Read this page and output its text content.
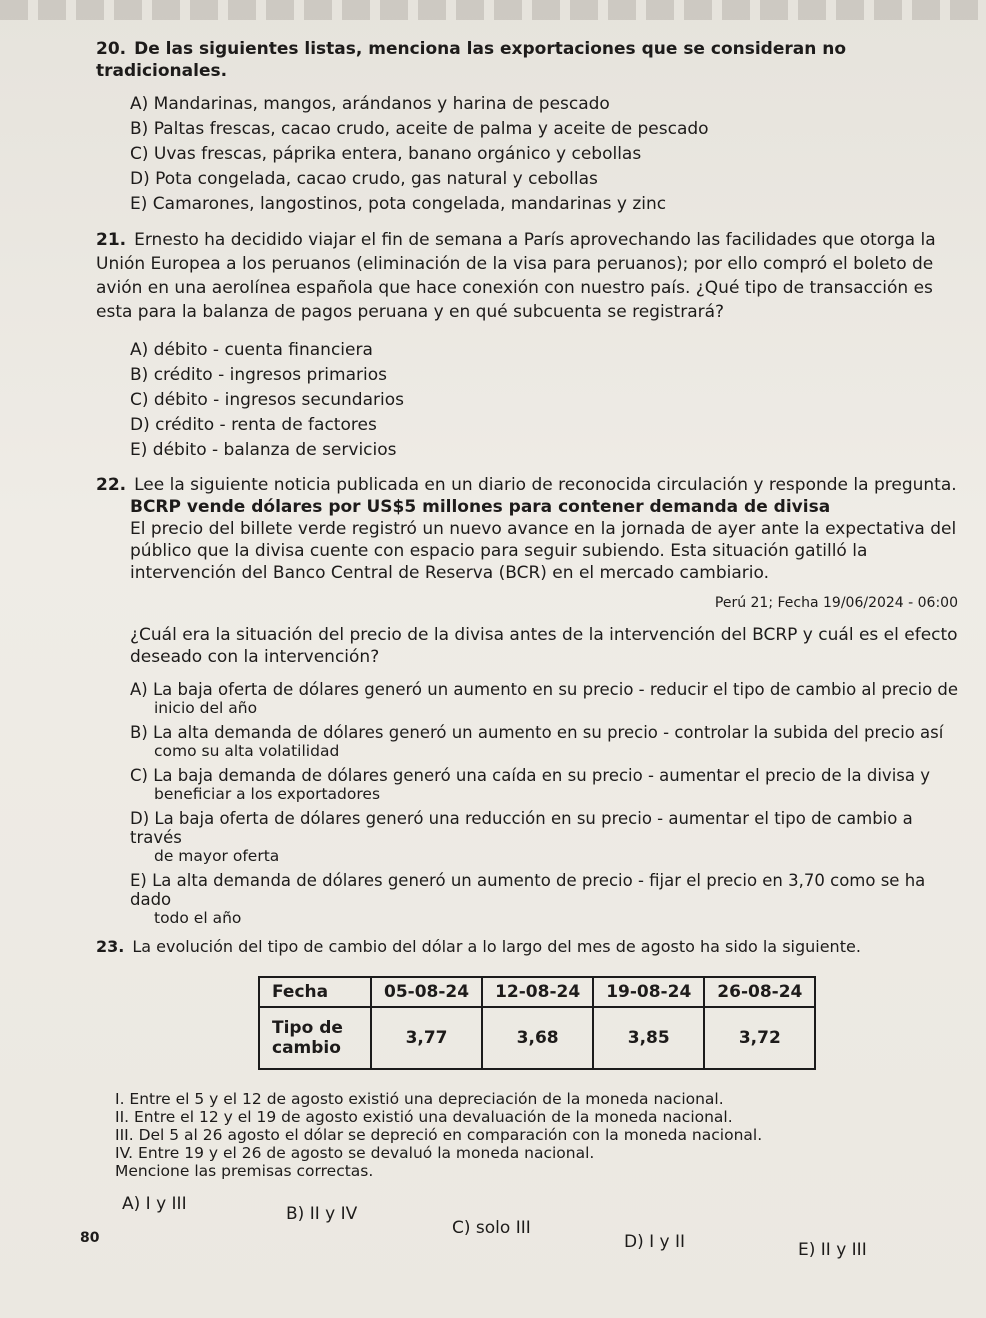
20. De las siguientes listas, menciona las exportaciones que se consideran no tradicionales.
A) Mandarinas, mangos, arándanos y harina de pescado
B) Paltas frescas, cacao crudo, aceite de palma y aceite de pescado
C) Uvas frescas, páprika entera, banano orgánico y cebollas
D) Pota congelada, cacao crudo, gas natural y cebollas
E) Camarones, langostinos, pota congelada, mandarinas y zinc
21. Ernesto ha decidido viajar el fin de semana a París aprovechando las facilidades que otorga la Unión Europea a los peruanos (eliminación de la visa para peruanos); por ello compró el boleto de avión en una aerolínea española que hace conexión con nuestro país. ¿Qué tipo de transacción es esta para la balanza de pagos peruana y en qué subcuenta se registrará?
A) débito - cuenta financiera
B) crédito - ingresos primarios
C) débito - ingresos secundarios
D) crédito - renta de factores
E) débito - balanza de servicios
22. Lee la siguiente noticia publicada en un diario de reconocida circulación y responde la pregunta.
BCRP vende dólares por US$5 millones para contener demanda de divisa
El precio del billete verde registró un nuevo avance en la jornada de ayer ante la expectativa del público que la divisa cuente con espacio para seguir subiendo. Esta situación gatilló la intervención del Banco Central de Reserva (BCR) en el mercado cambiario.
Perú 21; Fecha 19/06/2024 - 06:00
¿Cuál era la situación del precio de la divisa antes de la intervención del BCRP y cuál es el efecto deseado con la intervención?
A) La baja oferta de dólares generó un aumento en su precio - reducir el tipo de cambio al precio de
inicio del año
B) La alta demanda de dólares generó un aumento en su precio - controlar la subida del precio así
como su alta volatilidad
C) La baja demanda de dólares generó una caída en su precio - aumentar el precio de la divisa y
beneficiar a los exportadores
D) La baja oferta de dólares generó una reducción en su precio - aumentar el tipo de cambio a través
de mayor oferta
E) La alta demanda de dólares generó un aumento de precio - fijar el precio en 3,70 como se ha dado
todo el año
23. La evolución del tipo de cambio del dólar a lo largo del mes de agosto ha sido la siguiente.
Fecha	05-08-24	12-08-24	19-08-24	26-08-24
Tipo de
cambio	3,77	3,68	3,85	3,72
I. Entre el 5 y el 12 de agosto existió una depreciación de la moneda nacional.
II. Entre el 12 y el 19 de agosto existió una devaluación de la moneda nacional.
III. Del 5 al 26 agosto el dólar se depreció en comparación con la moneda nacional.
IV. Entre 19 y el 26 de agosto se devaluó la moneda nacional.
Mencione las premisas correctas.
A) I y III	B) II y IV
C) solo III
D) I y II	E) II y III
80
